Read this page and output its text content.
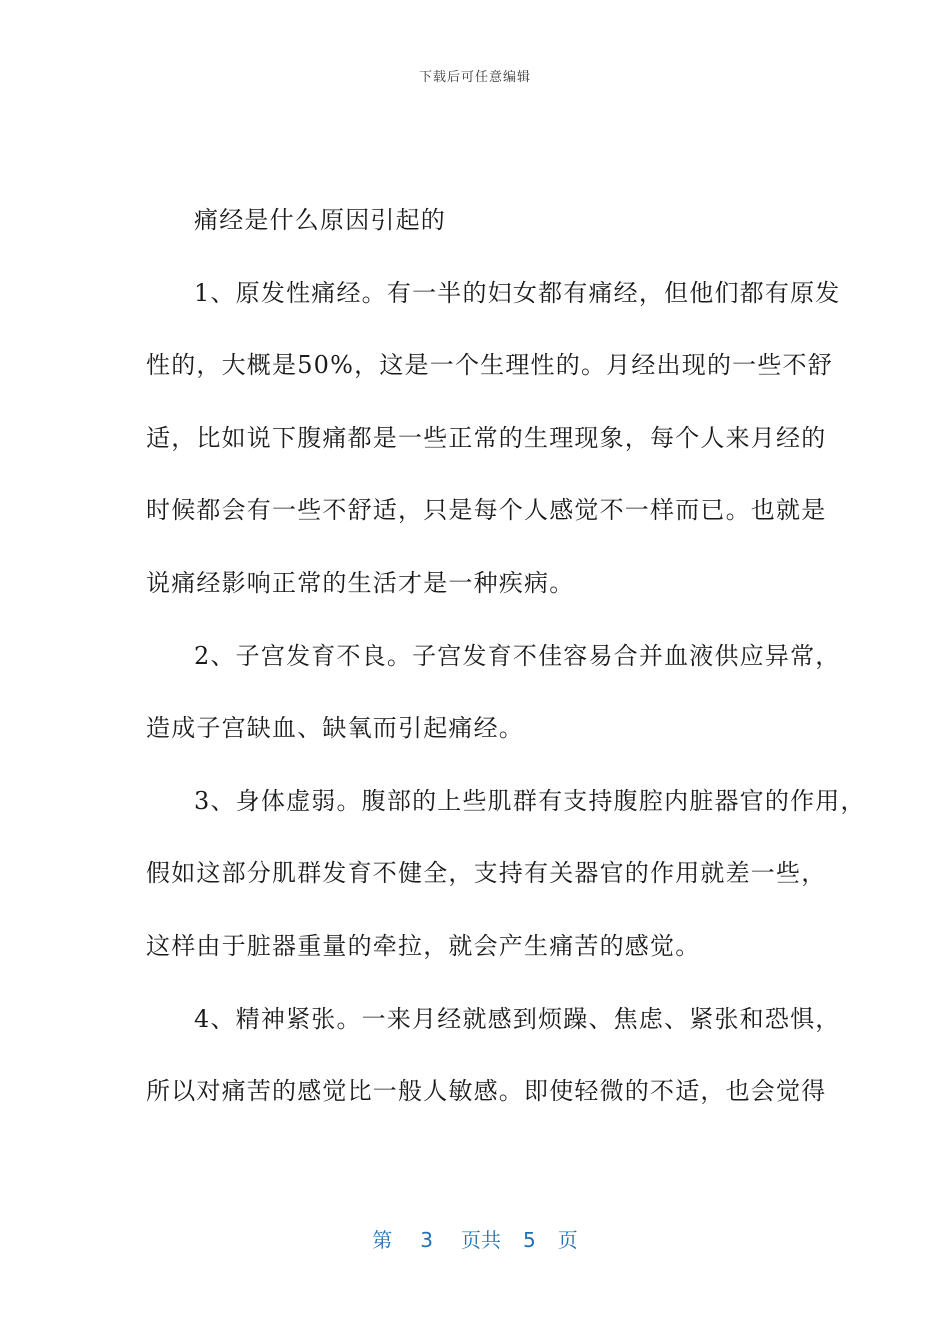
下载后可任意编辑
痛经是什么原因引起的
1、原发性痛经。有一半的妇女都有痛经，但他们都有原发
性的，大概是50%，这是一个生理性的。月经出现的一些不舒
适，比如说下腹痛都是一些正常的生理现象，每个人来月经的
时候都会有一些不舒适，只是每个人感觉不一样而已。也就是
说痛经影响正常的生活才是一种疾病。
2、子宫发育不良。子宫发育不佳容易合并血液供应异常，
造成子宫缺血、缺氧而引起痛经。
3、身体虚弱。腹部的上些肌群有支持腹腔内脏器官的作用，
假如这部分肌群发育不健全，支持有关器官的作用就差一些，
这样由于脏器重量的牵拉，就会产生痛苦的感觉。
4、精神紧张。一来月经就感到烦躁、焦虑、紧张和恐惧，
所以对痛苦的感觉比一般人敏感。即使轻微的不适，也会觉得
第 3 页共 5 页
